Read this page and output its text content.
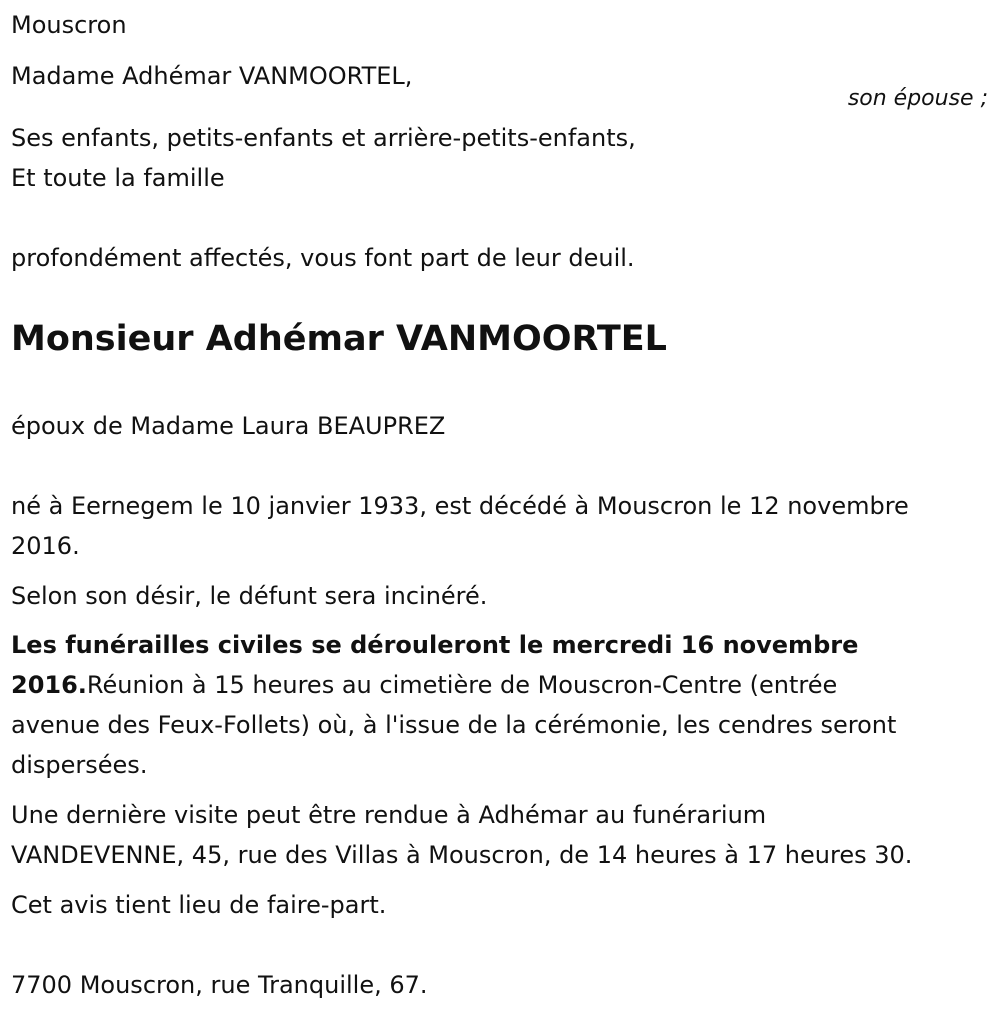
Mouscron

Madame Adhémar VANMOORTEL,

son épouse ;

Ses enfants, petits-enfants et arrière-petits-enfants,

Et toute la famille

profondément affectés, vous font part de leur deuil.

Monsieur Adhémar VANMOORTEL

époux de Madame Laura BEAUPREZ

né à Eernegem le 10 janvier 1933, est décédé à Mouscron le 12 novembre

2016.

Selon son désir, le défunt sera incinéré.

Les funérailles civiles se dérouleront le mercredi 16 novembre

2016.Réunion à 15 heures au cimetière de Mouscron-Centre (entrée

avenue des Feux-Follets) où, à l'issue de la cérémonie, les cendres seront

dispersées.

Une dernière visite peut être rendue à Adhémar au funérarium

VANDEVENNE, 45, rue des Villas à Mouscron, de 14 heures à 17 heures 30.

Cet avis tient lieu de faire-part.

7700 Mouscron, rue Tranquille, 67.
